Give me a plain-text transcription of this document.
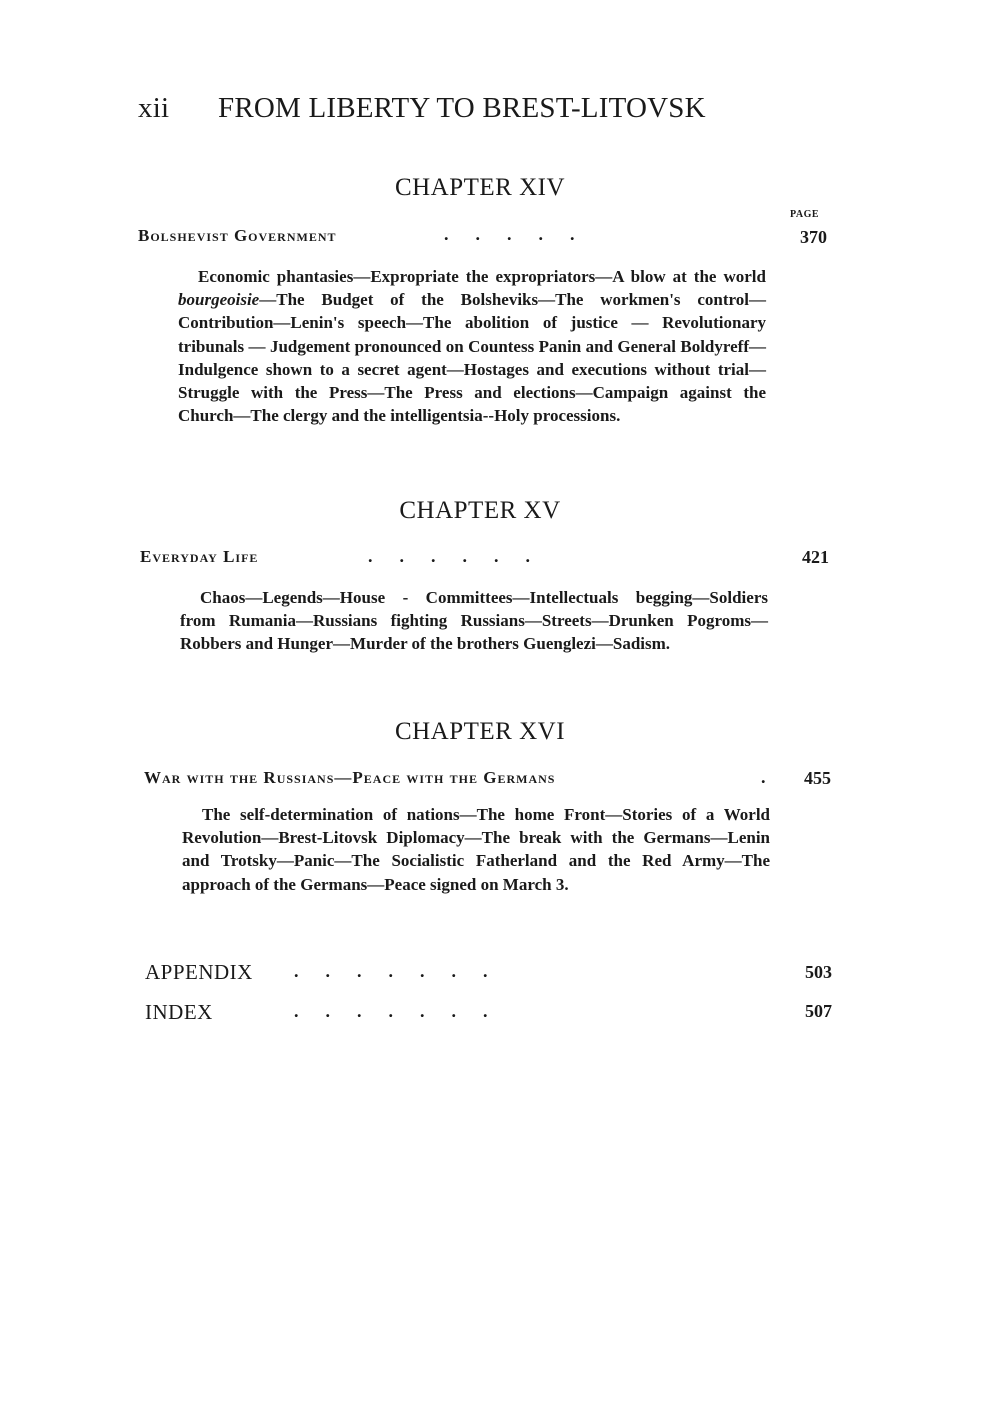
xii FROM LIBERTY TO BREST-LITOVSK
CHAPTER XIV
PAGE
Bolshevist Government	.      .      .      .      .	370

Economic phantasies—Expropriate the expropriators—A blow at the world bourgeoisie—The Budget of the Bolsheviks—The workmen's control—Contribution—Lenin's speech—The abolition of justice — Revolutionary tribunals — Judgement pronounced on Countess Panin and General Boldyreff—Indulgence shown to a secret agent—Hostages and executions without trial—Struggle with the Press—The Press and elections—Campaign against the Church—The clergy and the intelligentsia--Holy processions.

CHAPTER XV
Everyday Life	.      .      .      .      .      .	421

Chaos—Legends—House - Committees—Intellectuals begging—Soldiers from Rumania—Russians fighting Russians—Streets—Drunken Pogroms—Robbers and Hunger—Murder of the brothers Guenglezi—Sadism.

CHAPTER XVI
War with the Russians—Peace with the Germans	.	455

The self-determination of nations—The home Front—Stories of a World Revolution—Brest-Litovsk Diplomacy—The break with the Germans—Lenin and Trotsky—Panic—The Socialistic Fatherland and the Red Army—The approach of the Germans—Peace signed on March 3.

APPENDIX .      .      .      .      .      .      .	503
INDEX	.      .      .      .      .      .      .	507
